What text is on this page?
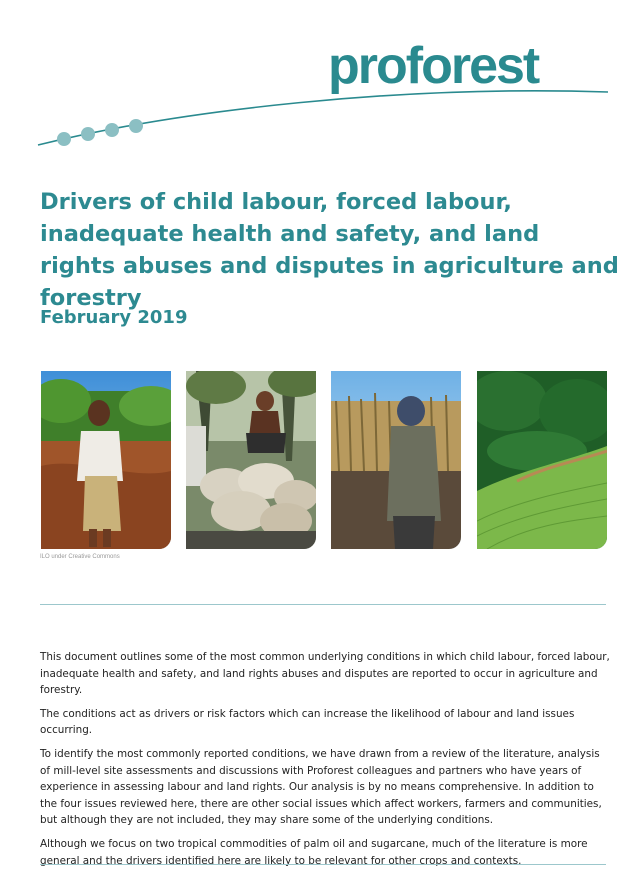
proforest
Drivers of child labour, forced labour, inadequate health and safety, and land rights abuses and disputes in agriculture and forestry
February 2019
ILO under Creative Commons

This document outlines some of the most common underlying conditions in which child labour, forced labour, inadequate health and safety, and land rights abuses and disputes are reported to occur in agriculture and forestry.

The conditions act as drivers or risk factors which can increase the likelihood of labour and land issues occurring.

To identify the most commonly reported conditions, we have drawn from a review of the literature, analysis of mill-level site assessments and discussions with Proforest colleagues and partners who have years of experience in assessing labour and land rights. Our analysis is by no means comprehensive. In addition to the four issues reviewed here, there are other social issues which affect workers, farmers and communities, but although they are not included, they may share some of the underlying conditions.

Although we focus on two tropical commodities of palm oil and sugarcane, much of the literature is more general and the drivers identified here are likely to be relevant for other crops and contexts.
